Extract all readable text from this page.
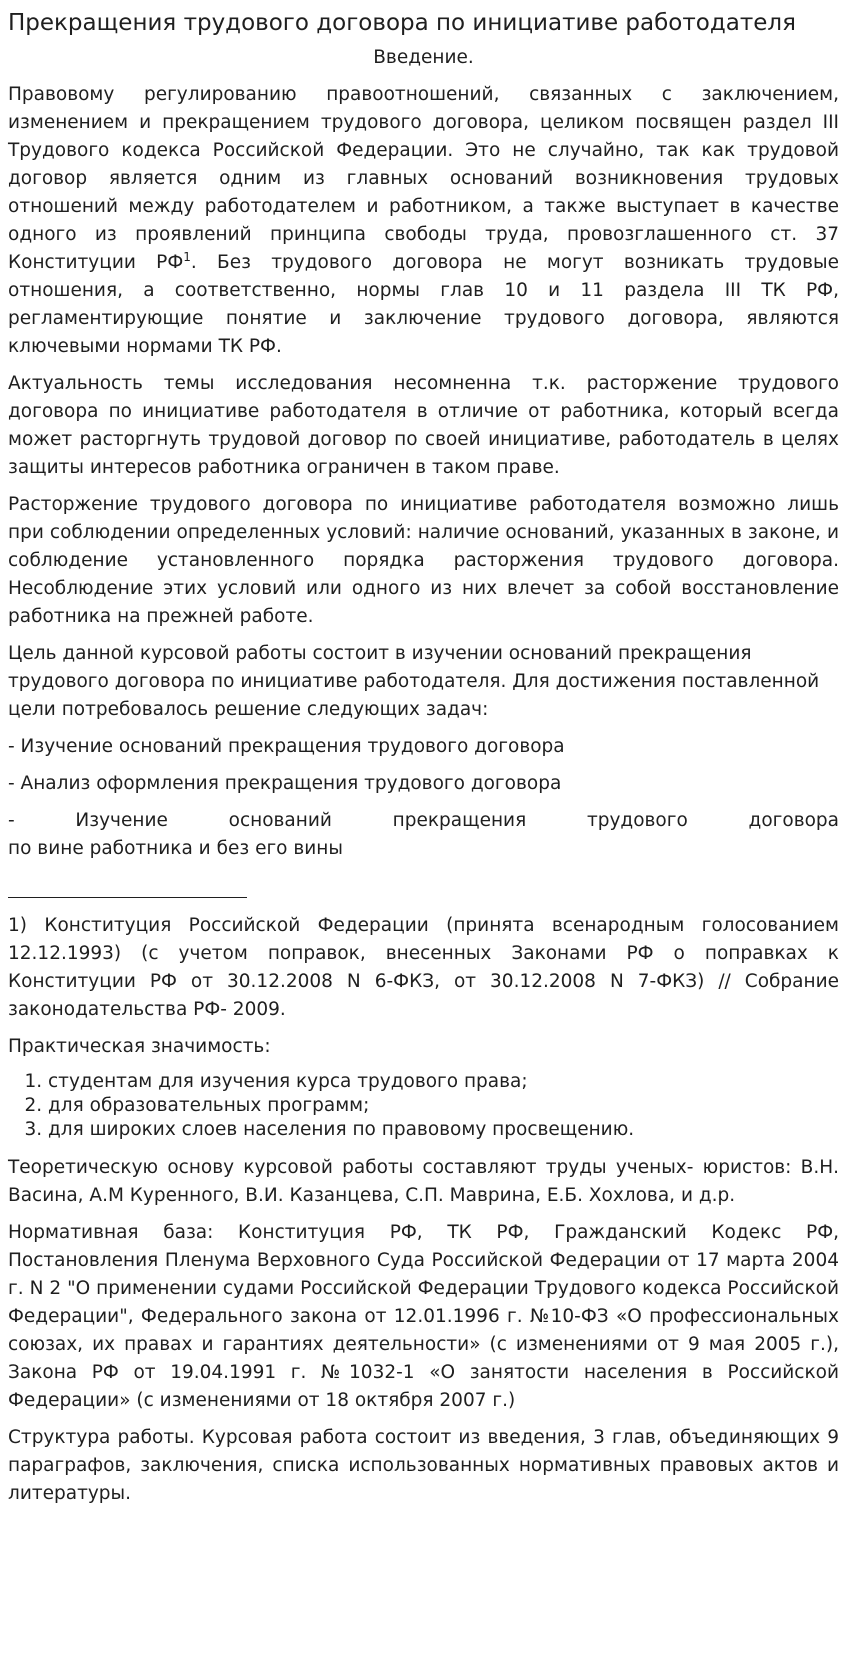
Прекращения трудового договора по инициативе работодателя
Введение.

Правовому регулированию правоотношений, связанных с заключением, изменением и прекращением трудового договора, целиком посвящен раздел III Трудового кодекса Российской Федерации. Это не случайно, так как трудовой договор является одним из главных оснований возникновения трудовых отношений между работодателем и работником, а также выступает в качестве одного из проявлений принципа свободы труда, провозглашенного ст. 37 Конституции $РФ^1$. Без трудового договора не могут возникать трудовые отношения, а соответственно, нормы глав 10 и 11 раздела III ТК РФ, регламентирующие понятие и заключение трудового договора, являются ключевыми нормами ТК РФ.

Актуальность темы исследования несомненна т.к. расторжение трудового договора по инициативе работодателя в отличие от работника, который всегда может расторгнуть трудовой договор по своей инициативе, работодатель в целях защиты интересов работника ограничен в таком праве.

Расторжение трудового договора по инициативе работодателя возможно лишь при соблюдении определенных условий: наличие оснований, указанных в законе, и соблюдение установленного порядка расторжения трудового договора. Несоблюдение этих условий или одного из них влечет за собой восстановление работника на прежней работе.

Цель данной курсовой работы состоит в изучении оснований прекращения трудового договора по инициативе работодателя. Для достижения поставленной цели потребовалось решение следующих задач:

- Изучение оснований прекращения трудового договора

- Анализ оформления прекращения трудового договора

- Изучение оснований прекращения трудового договора

по вине работника и без его вины

1) Конституция Российской Федерации (принята всенародным голосованием 12.12.1993) (с учетом поправок, внесенных Законами РФ о поправках к Конституции РФ от 30.12.2008 N 6-ФКЗ, от 30.12.2008 N 7-ФКЗ) // Собрание законодательства РФ- 2009.

Практическая значимость:

1. студентам для изучения курса трудового права;
2. для образовательных программ;
3. для широких слоев населения по правовому просвещению.

Теоретическую основу курсовой работы составляют труды ученых- юристов: В.Н. Васина, А.М Куренного, В.И. Казанцева, С.П. Маврина, Е.Б. Хохлова, и д.р.

Нормативная база: Конституция РФ, ТК РФ, Гражданский Кодекс РФ, Постановления Пленума Верховного Суда Российской Федерации от 17 марта 2004 г. N 2 "О применении судами Российской Федерации Трудового кодекса Российской Федерации", Федерального закона от 12.01.1996 г. №10-ФЗ «О профессиональных союзах, их правах и гарантиях деятельности» (с изменениями от 9 мая 2005 г.), Закона РФ от 19.04.1991 г. №1032-1 «О занятости населения в Российской Федерации» (с изменениями от 18 октября 2007 г.)

Структура работы. Курсовая работа состоит из введения, 3 глав, объединяющих 9 параграфов, заключения, списка использованных нормативных правовых актов и литературы.
